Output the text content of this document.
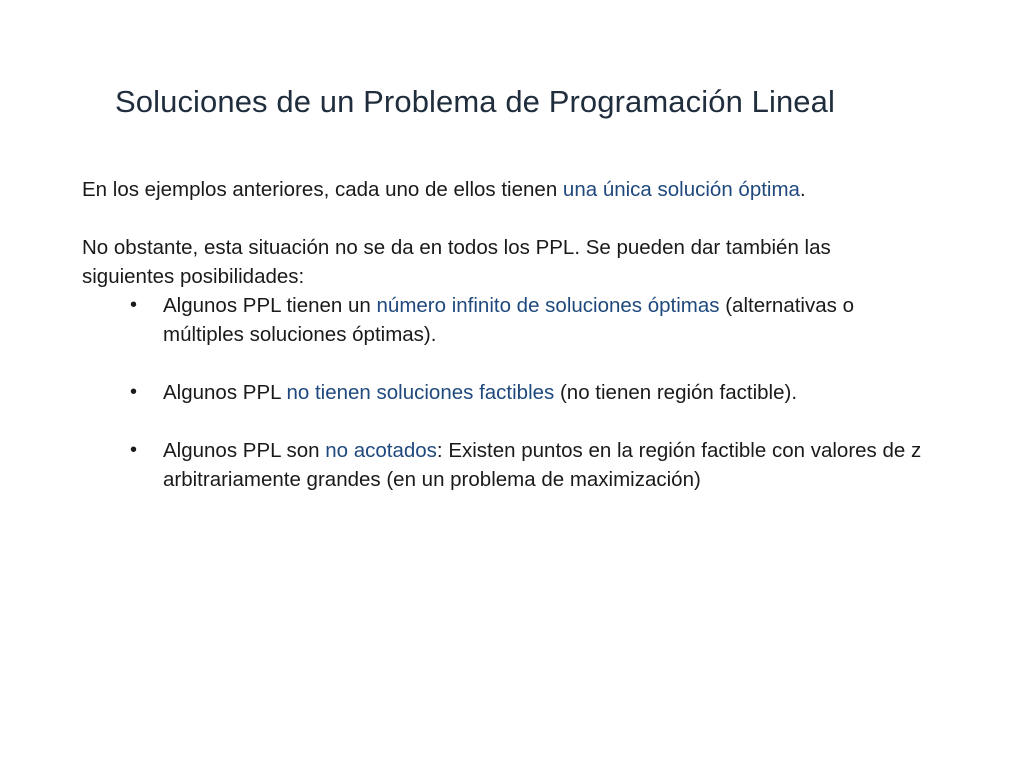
Soluciones de un Problema de Programación Lineal

En los ejemplos anteriores, cada uno de ellos tienen una única solución óptima.

No obstante, esta situación no se da en todos los PPL. Se pueden dar también las siguientes posibilidades:

• Algunos PPL tienen un número infinito de soluciones óptimas (alternativas o múltiples soluciones óptimas).
• Algunos PPL no tienen soluciones factibles (no tienen región factible).
• Algunos PPL son no acotados: Existen puntos en la región factible con valores de z arbitrariamente grandes (en un problema de maximización)
